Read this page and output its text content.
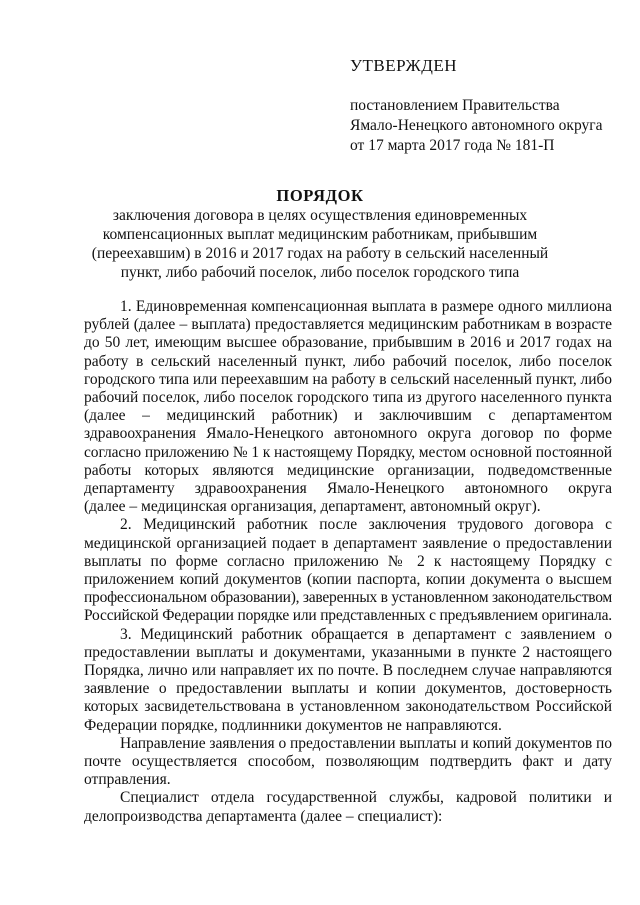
УТВЕРЖДЕН
постановлением Правительства
Ямало-Ненецкого автономного округа
от 17 марта 2017 года № 181-П
ПОРЯДОК
заключения договора в целях осуществления единовременных
компенсационных выплат медицинским работникам, прибывшим
(переехавшим) в 2016 и 2017 годах на работу в сельский населенный
пункт, либо рабочий поселок, либо поселок городского типа
1. Единовременная компенсационная выплата в размере одного миллиона
рублей (далее – выплата) предоставляется медицинским работникам в возрасте
до 50 лет, имеющим высшее образование, прибывшим в 2016 и 2017 годах на
работу в сельский населенный пункт, либо рабочий поселок, либо поселок
городского типа или переехавшим на работу в сельский населенный пункт, либо
рабочий поселок, либо поселок городского типа из другого населенного пункта
(далее – медицинский работник) и заключившим с департаментом
здравоохранения Ямало-Ненецкого автономного округа договор по форме
согласно приложению № 1 к настоящему Порядку, местом основной постоянной
работы которых являются медицинские организации, подведомственные
департаменту здравоохранения Ямало-Ненецкого автономного округа
(далее – медицинская организация, департамент, автономный округ).
2. Медицинский работник после заключения трудового договора с
медицинской организацией подает в департамент заявление о предоставлении
выплаты по форме согласно приложению № 2 к настоящему Порядку с
приложением копий документов (копии паспорта, копии документа о высшем
профессиональном образовании), заверенных в установленном законодательством
Российской Федерации порядке или представленных с предъявлением оригинала.
3. Медицинский работник обращается в департамент с заявлением о
предоставлении выплаты и документами, указанными в пункте 2 настоящего
Порядка, лично или направляет их по почте. В последнем случае направляются
заявление о предоставлении выплаты и копии документов, достоверность
которых засвидетельствована в установленном законодательством Российской
Федерации порядке, подлинники документов не направляются.
Направление заявления о предоставлении выплаты и копий документов по
почте осуществляется способом, позволяющим подтвердить факт и дату
отправления.
Специалист отдела государственной службы, кадровой политики и
делопроизводства департамента (далее – специалист):
